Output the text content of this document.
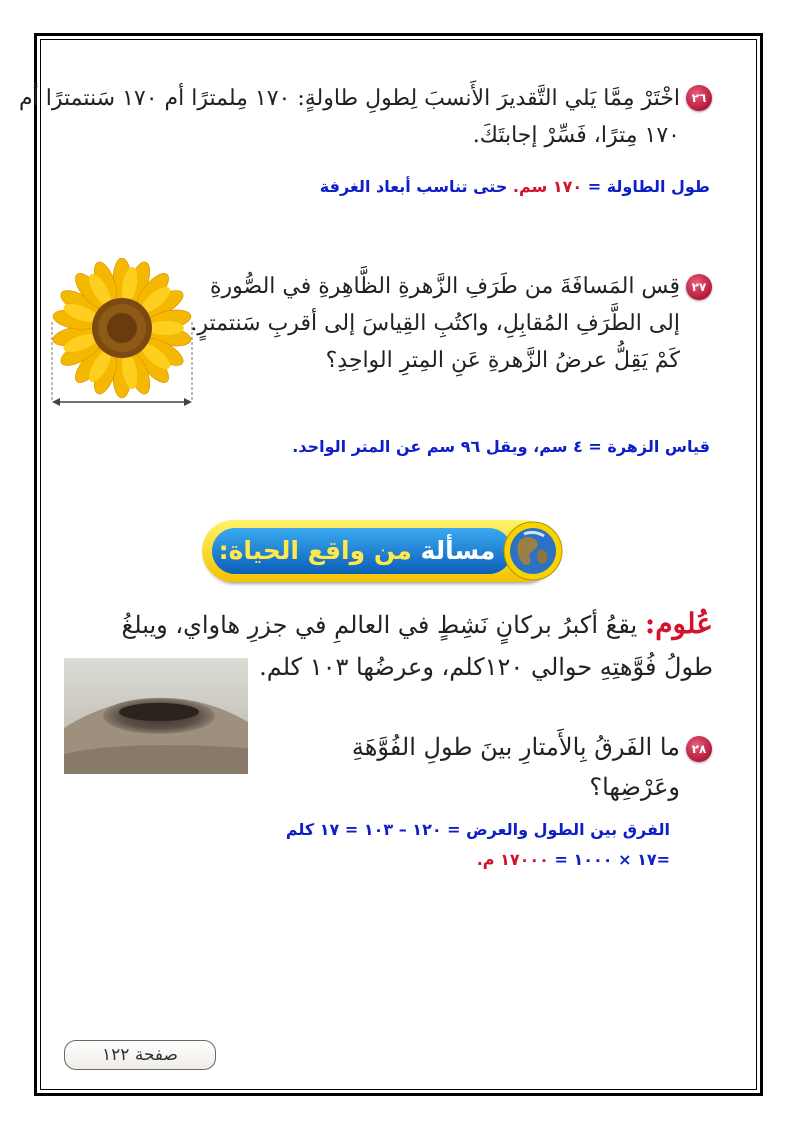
٢٦
اخْتَرْ مِمَّا يَلي التَّقديرَ الأَنسبَ لِطولِ طاولةٍ: ١٧٠ مِلمترًا أم ١٧٠ سَنتمترًا أم
١٧٠ مِترًا، فَسِّرْ إجابتَكَ.
طول الطاولة = ١٧٠ سم. حتى تناسب أبعاد الغرفة
٢٧
قِس المَسافَةَ من طَرَفِ الزَّهرةِ الظَّاهِرةِ في الصُّورةِ
إلى الطَّرَفِ المُقابِلِ، واكتُبِ القِياسَ إلى أقربِ سَنتمترٍ.
كَمْ يَقِلُّ عرضُ الزَّهرةِ عَنِ المِترِ الواحِدِ؟
قياس الزهرة = ٤ سم، ويقل ٩٦ سم عن المتر الواحد.
مسألة من واقع الحياة:
عُلوم: يقعُ أكبرُ بركانٍ نَشِطٍ في العالمِ في جزرِ هاواي، ويبلغُ
طولُ فُوَّهتِهِ حوالي ١٢٠كلم، وعرضُها ١٠٣ كلم.
٢٨
ما الفَرقُ بِالأَمتارِ بينَ طولِ الفُوَّهَةِ وعَرْضِها؟
الفرق بين الطول والعرض = ١٢٠ – ١٠٣ = ١٧ كلم
=١٧ × ١٠٠٠ = ١٧٠٠٠ م.
صفحة ١٢٢
